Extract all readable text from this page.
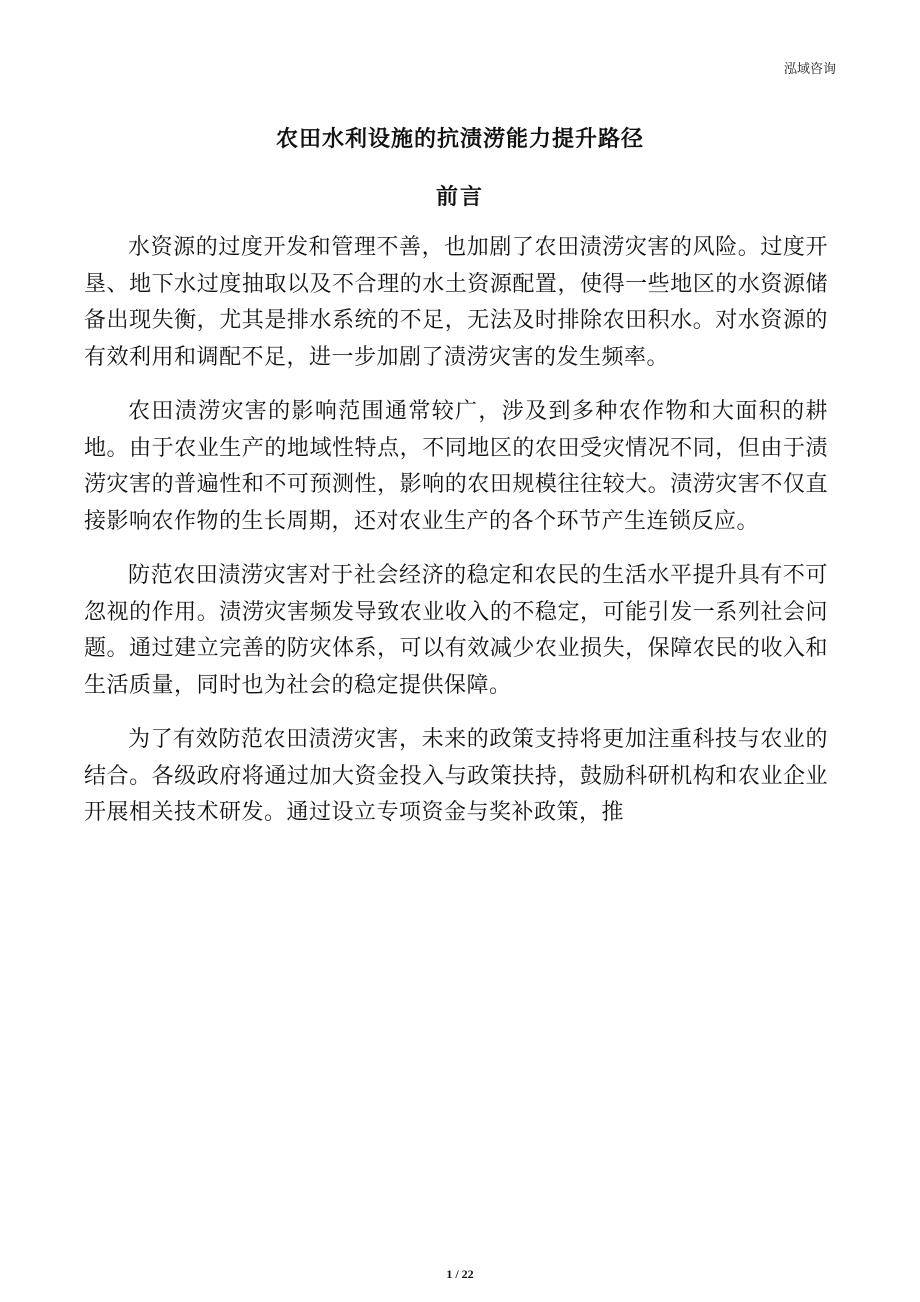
泓域咨询
农田水利设施的抗渍涝能力提升路径
前言

水资源的过度开发和管理不善，也加剧了农田渍涝灾害的风险。过度开垦、地下水过度抽取以及不合理的水土资源配置，使得一些地区的水资源储备出现失衡，尤其是排水系统的不足，无法及时排除农田积水。对水资源的有效利用和调配不足，进一步加剧了渍涝灾害的发生频率。

农田渍涝灾害的影响范围通常较广，涉及到多种农作物和大面积的耕地。由于农业生产的地域性特点，不同地区的农田受灾情况不同，但由于渍涝灾害的普遍性和不可预测性，影响的农田规模往往较大。渍涝灾害不仅直接影响农作物的生长周期，还对农业生产的各个环节产生连锁反应。

防范农田渍涝灾害对于社会经济的稳定和农民的生活水平提升具有不可忽视的作用。渍涝灾害频发导致农业收入的不稳定，可能引发一系列社会问题。通过建立完善的防灾体系，可以有效减少农业损失，保障农民的收入和生活质量，同时也为社会的稳定提供保障。

为了有效防范农田渍涝灾害，未来的政策支持将更加注重科技与农业的结合。各级政府将通过加大资金投入与政策扶持，鼓励科研机构和农业企业开展相关技术研发。通过设立专项资金与奖补政策，推

1 / 22
